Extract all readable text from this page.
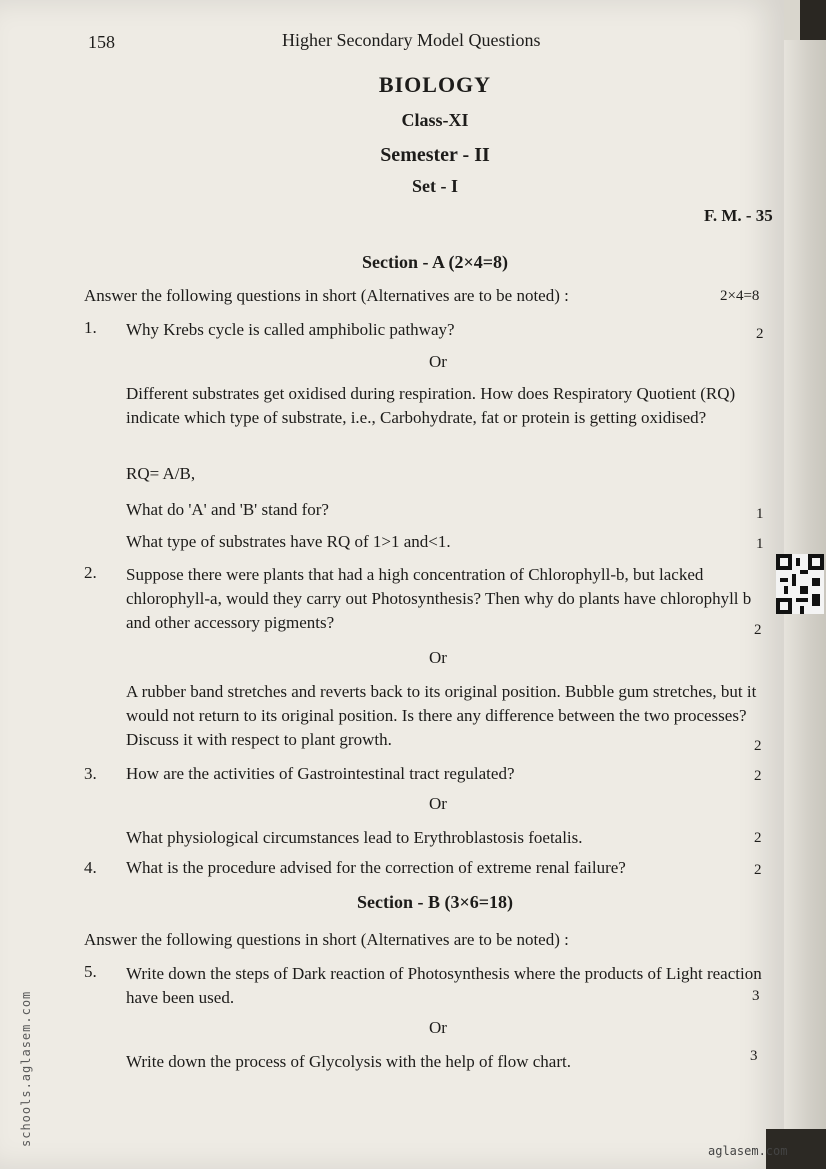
158	Higher Secondary Model Questions
BIOLOGY
Class-XI
Semester - II
Set - I
F. M. - 35
Section - A (2×4=8)
Answer the following questions in short (Alternatives are to be noted) :	2×4=8
1. Why Krebs cycle is called amphibolic pathway?	2
Or
Different substrates get oxidised during respiration. How does Respiratory Quotient (RQ) indicate which type of substrate, i.e., Carbohydrate, fat or protein is getting oxidised?
RQ= A/B,
What do 'A' and 'B' stand for?	1
What type of substrates have RQ of 1>1 and<1.	1
2. Suppose there were plants that had a high concentration of Chlorophyll-b, but lacked chlorophyll-a, would they carry out Photosynthesis? Then why do plants have chlorophyll b and other accessory pigments?	2
Or
A rubber band stretches and reverts back to its original position. Bubble gum stretches, but it would not return to its original position. Is there any difference between the two processes? Discuss it with respect to plant growth.	2
3. How are the activities of Gastrointestinal tract regulated?	2
Or
What physiological circumstances lead to Erythroblastosis foetalis.	2
4. What is the procedure advised for the correction of extreme renal failure?	2
Section - B (3×6=18)
Answer the following questions in short (Alternatives are to be noted) :
5. Write down the steps of Dark reaction of Photosynthesis where the products of Light reaction have been used.	3
Or
Write down the process of Glycolysis with the help of flow chart.	3
schools.aglasem.com
aglasem.com
